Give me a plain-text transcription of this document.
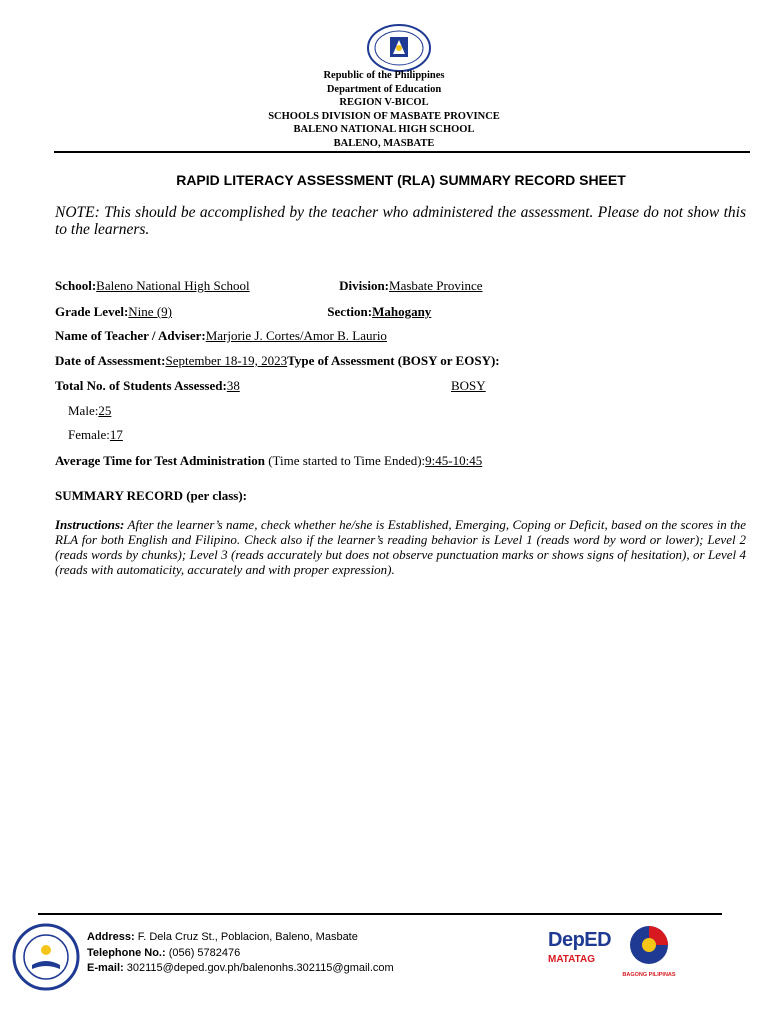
Republic of the Philippines
Department of Education
REGION V-BICOL
SCHOOLS DIVISION OF MASBATE PROVINCE
BALENO NATIONAL HIGH SCHOOL
BALENO, MASBATE
RAPID LITERACY ASSESSMENT (RLA) SUMMARY RECORD SHEET
NOTE: This should be accomplished by the teacher who administered the assessment. Please do not show this to the learners.
School:Baleno National High School	Division:Masbate Province
Grade Level:Nine (9)	Section:Mahogany
Name of Teacher / Adviser:Marjorie J. Cortes/Amor B. Laurio
Date of Assessment:September 18-19, 2023Type of Assessment (BOSY or EOSY):
Total No. of Students Assessed:38	BOSY
Male:25
Female:17
Average Time for Test Administration (Time started to Time Ended):9:45-10:45
SUMMARY RECORD (per class):
Instructions: After the learner’s name, check whether he/she is Established, Emerging, Coping or Deficit, based on the scores in the RLA for both English and Filipino. Check also if the learner’s reading behavior is Level 1 (reads word by word or lower); Level 2 (reads words by chunks); Level 3 (reads accurately but does not observe punctuation marks or shows signs of hesitation), or Level 4 (reads with automaticity, accurately and with proper expression).
Address: F. Dela Cruz St., Poblacion, Baleno, Masbate
Telephone No.: (056) 5782476
E-mail: 302115@deped.gov.ph/balenonhs.302115@gmail.com
DepED
MATATAG
BAGONG PILIPINAS
